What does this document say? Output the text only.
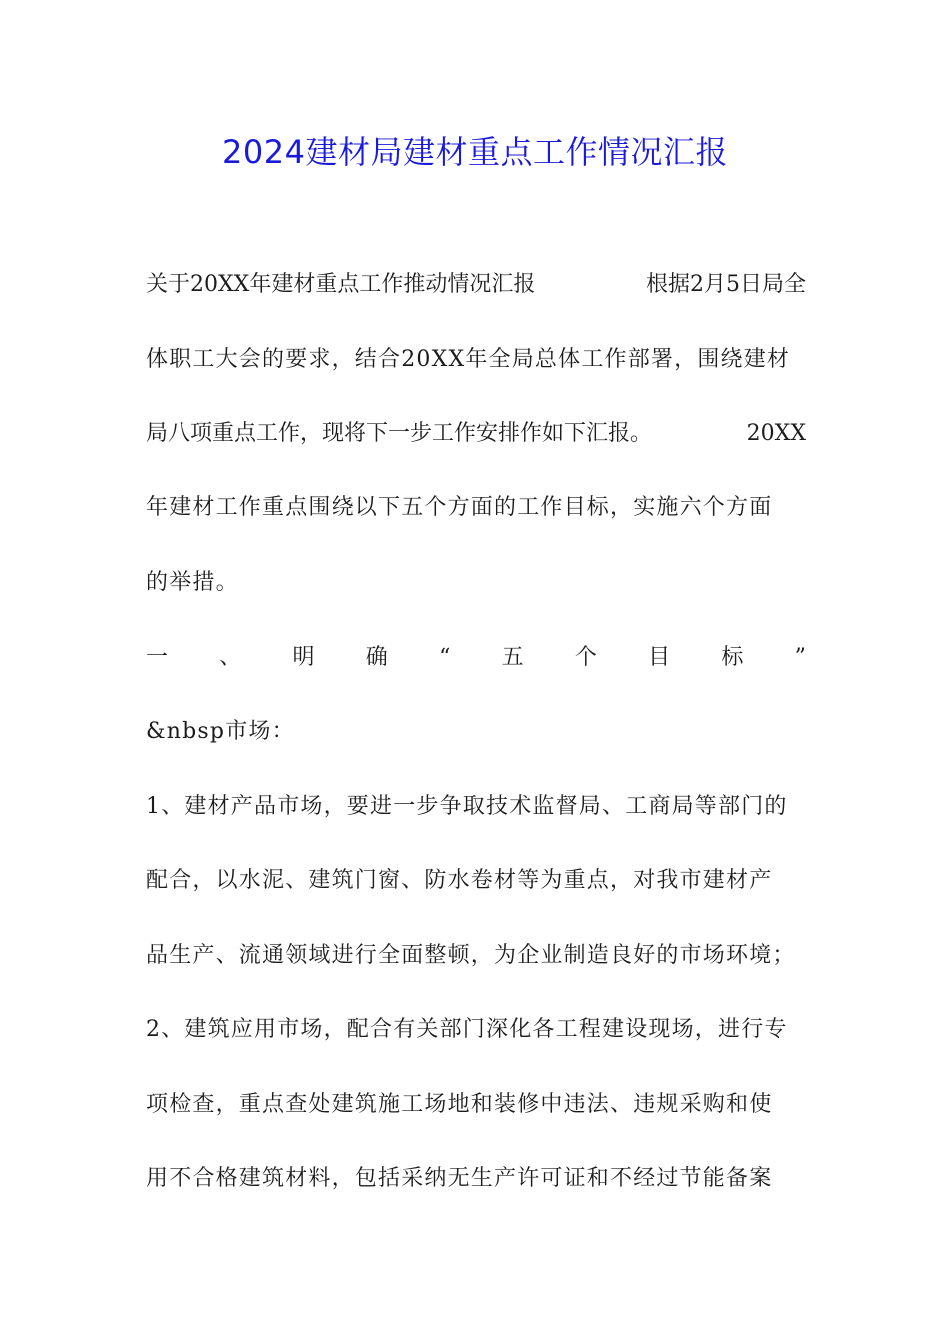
2024建材局建材重点工作情况汇报
关于20XX年建材重点工作推动情况汇报	根据2月5日局全
体职工大会的要求，结合20XX年全局总体工作部署，围绕建材
局八项重点工作，现将下一步工作安排作如下汇报。	20XX
年建材工作重点围绕以下五个方面的工作目标，实施六个方面
的举措。
一 、 明 确 “ 五 个 目 标 ”
&nbsp市场：
1、建材产品市场，要进一步争取技术监督局、工商局等部门的
配合，以水泥、建筑门窗、防水卷材等为重点，对我市建材产
品生产、流通领域进行全面整顿，为企业制造良好的市场环境；
2、建筑应用市场，配合有关部门深化各工程建设现场，进行专
项检查，重点查处建筑施工场地和装修中违法、违规采购和使
用不合格建筑材料，包括采纳无生产许可证和不经过节能备案
